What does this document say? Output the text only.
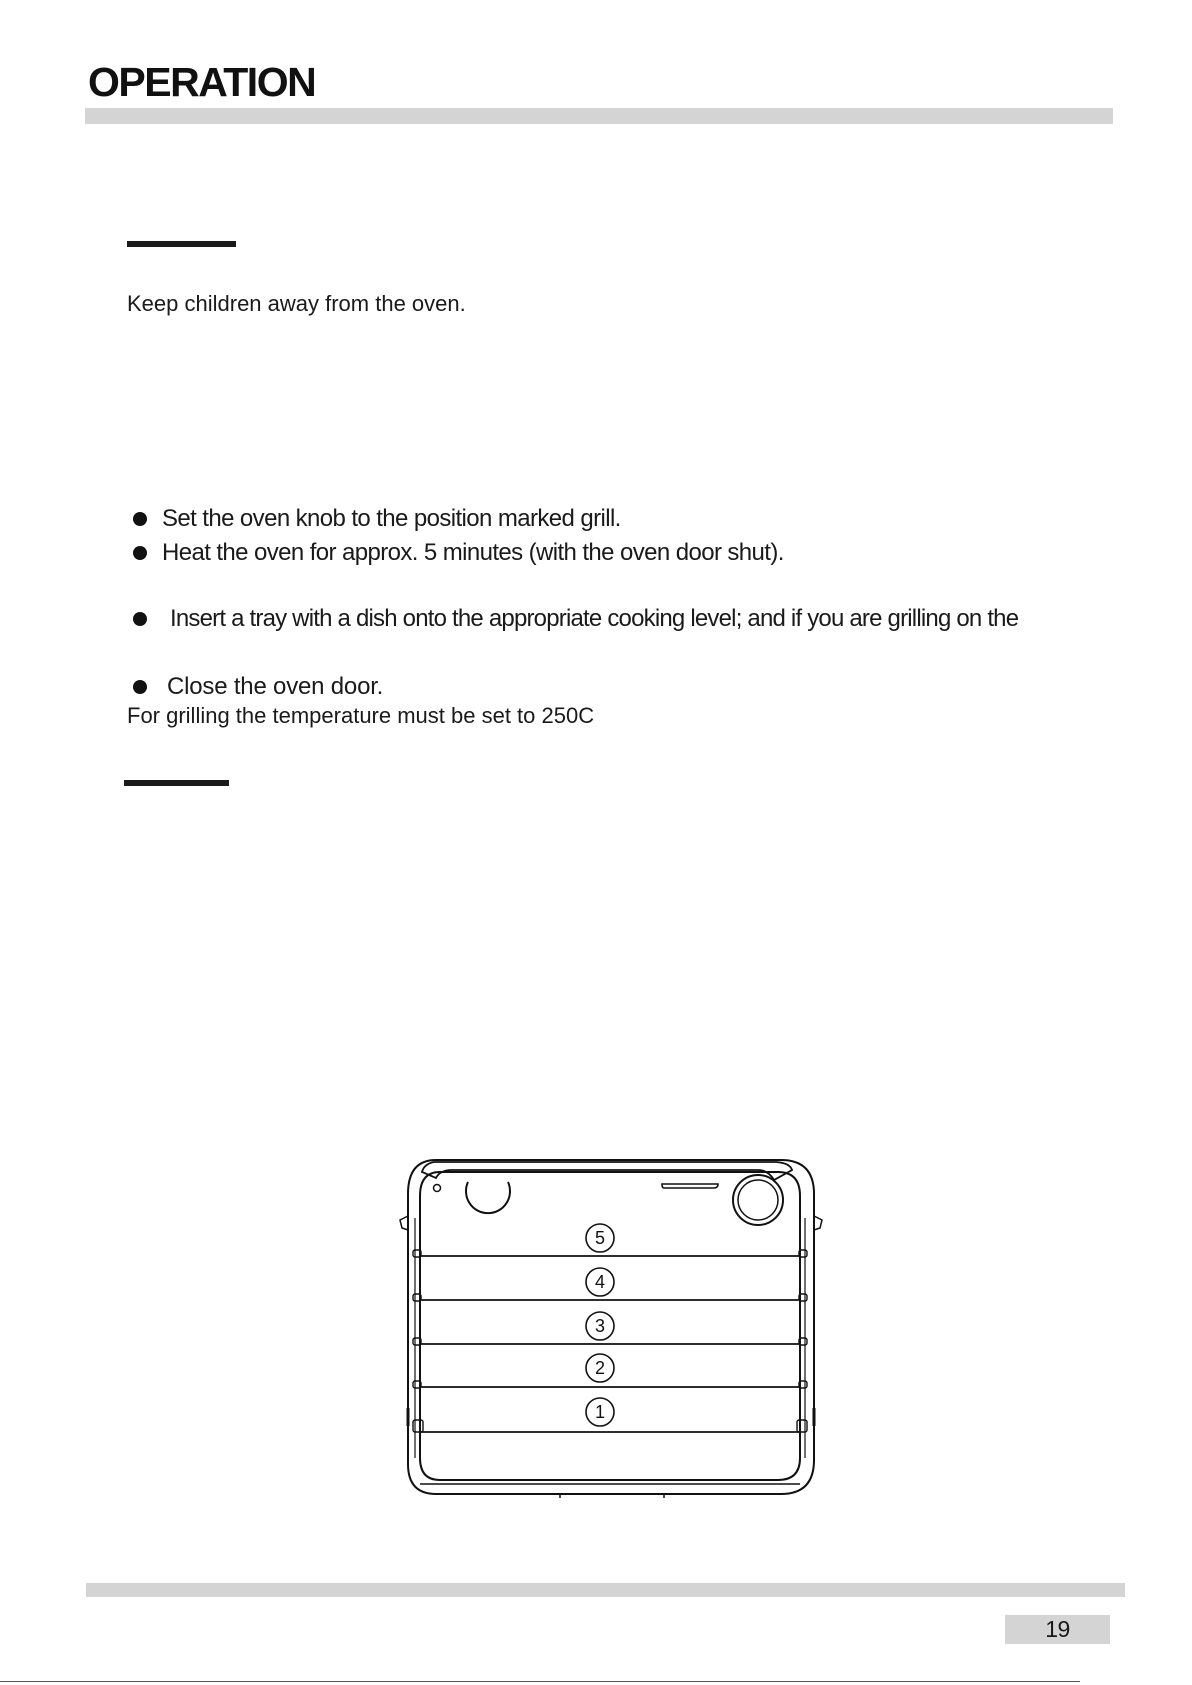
OPERATION
Keep children away from the oven.
Set the oven knob to the position marked grill.
Heat the oven for approx. 5 minutes (with the oven door shut).
Insert a tray with a dish onto the appropriate cooking level; and if you are grilling on the
Close the oven door.
For grilling the temperature must be set to 250C
5
4
3
2
1
19
